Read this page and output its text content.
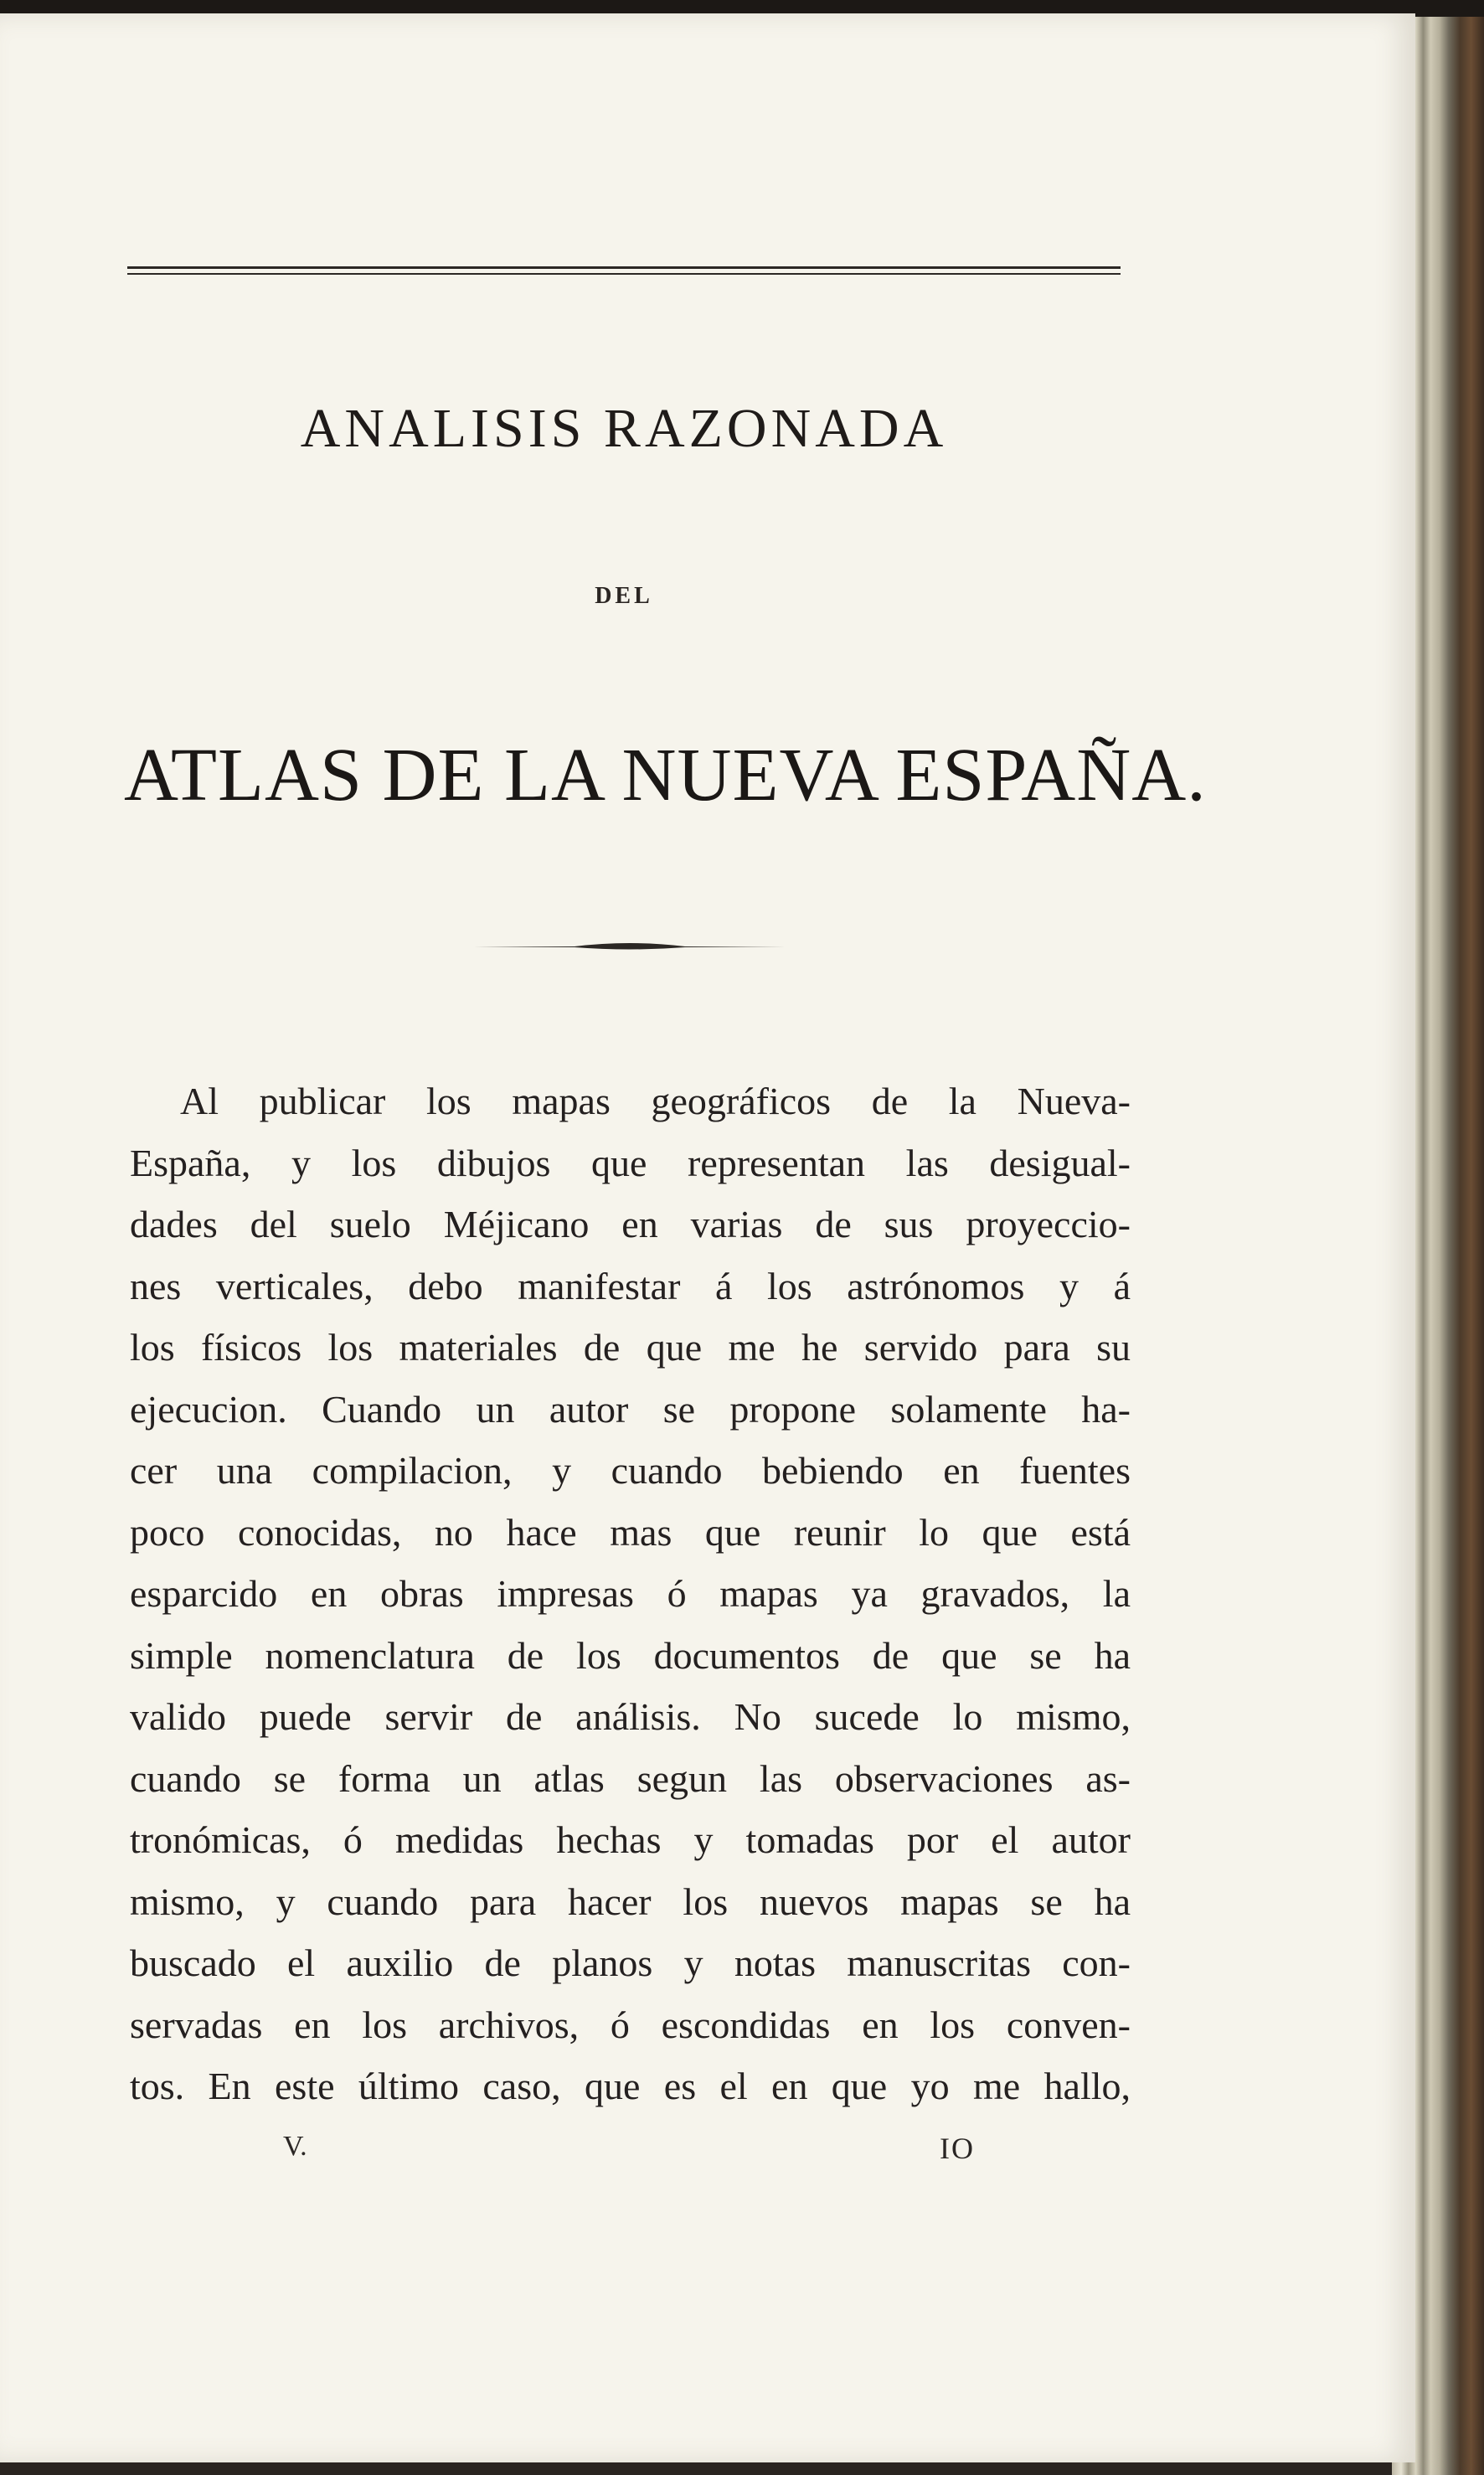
ANALISIS RAZONADA
DEL
ATLAS DE LA NUEVA ESPAÑA.
Al publicar los mapas geográficos de la Nueva-
España, y los dibujos que representan las desigual-
dades del suelo Méjicano en varias de sus proyeccio-
nes verticales, debo manifestar á los astrónomos y á
los físicos los materiales de que me he servido para su
ejecucion. Cuando un autor se propone solamente ha-
cer una compilacion, y cuando bebiendo en fuentes
poco conocidas, no hace mas que reunir lo que está
esparcido en obras impresas ó mapas ya gravados, la
simple nomenclatura de los documentos de que se ha
valido puede servir de análisis. No sucede lo mismo,
cuando se forma un atlas segun las observaciones as-
tronómicas, ó medidas hechas y tomadas por el autor
mismo, y cuando para hacer los nuevos mapas se ha
buscado el auxilio de planos y notas manuscritas con-
servadas en los archivos, ó escondidas en los conven-
tos. En este último caso, que es el en que yo me hallo,
V.	IO
